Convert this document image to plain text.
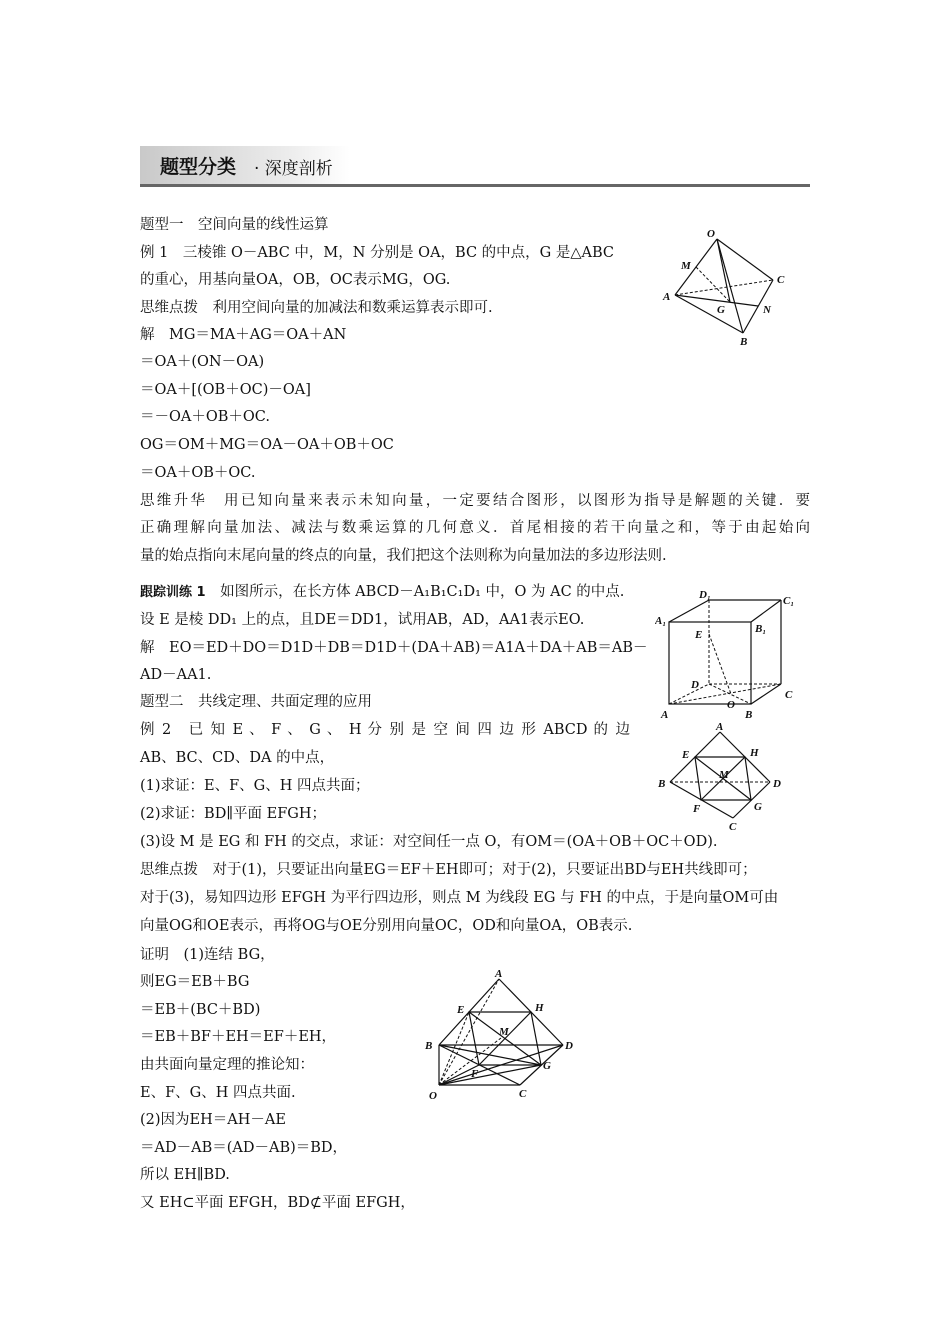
题型分类 · 深度剖析
题型一　空间向量的线性运算
例 1　三棱锥 O－ABC 中，M，N 分别是 OA，BC 的中点，G 是△ABC
的重心，用基向量OA，OB，OC表示MG，OG.
思维点拨　利用空间向量的加减法和数乘运算表示即可.
解　MG＝MA＋AG＝OA＋AN
＝OA＋(ON－OA)
＝OA＋[(OB＋OC)－OA]
＝－OA＋OB＋OC.
OG＝OM＋MG＝OA－OA＋OB＋OC
＝OA＋OB＋OC.
思维升华　用已知向量来表示未知向量，一定要结合图形，以图形为指导是解题的关键．要
正确理解向量加法、减法与数乘运算的几何意义．首尾相接的若干向量之和，等于由起始向
量的始点指向末尾向量的终点的向量，我们把这个法则称为向量加法的多边形法则.
跟踪训练 1　 如图所示，在长方体 ABCD－A₁B₁C₁D₁ 中，O 为 AC 的中点.
设 E 是棱 DD₁ 上的点，且DE＝DD1，试用AB，AD，AA1表示EO.
解　EO＝ED＋DO＝D1D＋DB＝D1D＋(DA＋AB)＝A1A＋DA＋AB＝AB－
AD－AA1.
题型二　共线定理、共面定理的应用
例 2　已 知 E 、 F 、 G 、 H 分 别 是 空 间 四 边 形 ABCD 的 边
AB、BC、CD、DA 的中点，
(1)求证：E、F、G、H 四点共面；
(2)求证：BD∥平面 EFGH；
(3)设 M 是 EG 和 FH 的交点，求证：对空间任一点 O，有OM＝(OA＋OB＋OC＋OD).
思维点拨　对于(1)，只要证出向量EG＝EF＋EH即可；对于(2)，只要证出BD与EH共线即可；
对于(3)，易知四边形 EFGH 为平行四边形，则点 M 为线段 EG 与 FH 的中点，于是向量OM可由
向量OG和OE表示，再将OG与OE分别用向量OC，OD和向量OA，OB表示.
证明　(1)连结 BG，
则EG＝EB＋BG
＝EB＋(BC＋BD)
＝EB＋BF＋EH＝EF＋EH，
由共面向量定理的推论知：
E、F、G、H 四点共面.
(2)因为EH＝AH－AE
＝AD－AB＝(AD－AB)＝BD，
所以 EH∥BD.
又 EH⊂平面 EFGH，BD⊄平面 EFGH，
O
M
C
A
G	N
B
D₁	C₁
A₁
B₁
E
D
C
A
O
B
A
E	H
M
B	D
F	G
C
A
E	H
M
B	D
F
G
O	C
